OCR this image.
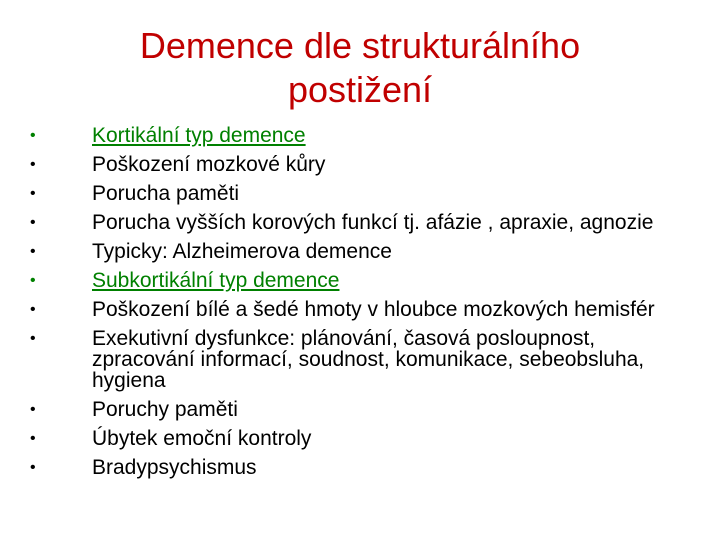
Demence dle strukturálního
postižení
•	Kortikální typ demence
•	Poškození mozkové kůry
•	Porucha paměti
•	Porucha vyšších korových funkcí tj. afázie , apraxie, agnozie
•	Typicky: Alzheimerova demence
•	Subkortikální typ demence
•	Poškození bílé a šedé hmoty v hloubce mozkových hemisfér
•	Exekutivní dysfunkce: plánování, časová posloupnost, zpracování informací, soudnost, komunikace, sebeobsluha, hygiena
•	Poruchy paměti
•	Úbytek emoční kontroly
•	Bradypsychismus
